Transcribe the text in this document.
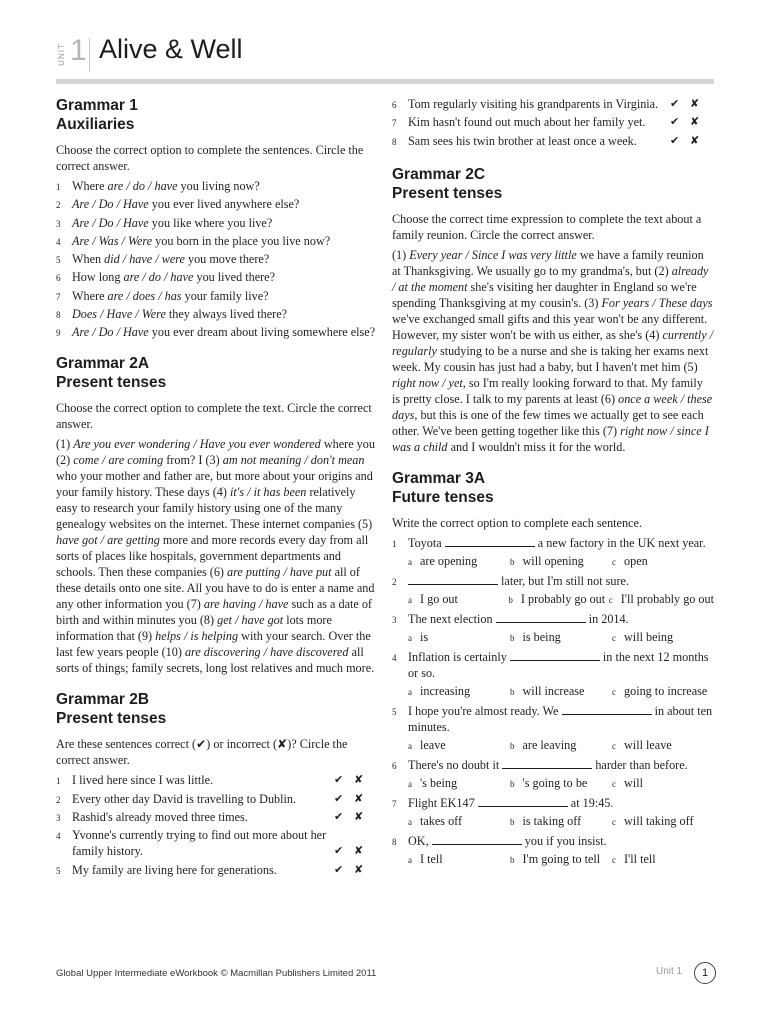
UNIT 1 Alive & Well

Grammar 1

Auxiliaries

Choose the correct option to complete the sentences. Circle the correct answer.

1 Where are / do / have you living now?
2 Are / Do / Have you ever lived anywhere else?
3 Are / Do / Have you like where you live?
4 Are / Was / Were you born in the place you live now?
5 When did / have / were you move there?
6 How long are / do / have you lived there?
7 Where are / does / has your family live?
8 Does / Have / Were they always lived there?
9 Are / Do / Have you ever dream about living somewhere else?

Grammar 2A

Present tenses

Choose the correct option to complete the text. Circle the correct answer.

(1) Are you ever wondering / Have you ever wondered where you (2) come / are coming from? I (3) am not meaning / don't mean who your mother and father are, but more about your origins and your family history. These days (4) it's / it has been relatively easy to research your family history using one of the many genealogy websites on the internet. These internet companies (5) have got / are getting more and more records every day from all sorts of places like hospitals, government departments and schools. Then these companies (6) are putting / have put all of these details onto one site. All you have to do is enter a name and any other information you (7) are having / have such as a date of birth and within minutes you (8) get / have got lots more information that (9) helps / is helping with your search. Over the last few years people (10) are discovering / have discovered all sorts of things; family secrets, long lost relatives and much more.

Grammar 2B

Present tenses

Are these sentences correct (✔) or incorrect (✘)? Circle the correct answer.

1 I lived here since I was little.	✔ ✘
2 Every other day David is travelling to Dublin.	✔ ✘
3 Rashid's already moved three times.	✔ ✘
4 Yvonne's currently trying to find out more about her family history.	✔ ✘
5 My family are living here for generations.	✔ ✘
6 Tom regularly visiting his grandparents in Virginia. ✔ ✘
7 Kim hasn't found out much about her family yet. ✔ ✘
8 Sam sees his twin brother at least once a week.	✔ ✘

Grammar 2C

Present tenses

Choose the correct time expression to complete the text about a family reunion. Circle the correct answer.

(1) Every year / Since I was very little we have a family reunion at Thanksgiving. We usually go to my grandma's, but (2) already / at the moment she's visiting her daughter in England so we're spending Thanksgiving at my cousin's. (3) For years / These days we've exchanged small gifts and this year won't be any different. However, my sister won't be with us either, as she's (4) currently / regularly studying to be a nurse and she is taking her exams next week. My cousin has just had a baby, but I haven't met him (5) right now / yet, so I'm really looking forward to that. My family is pretty close. I talk to my parents at least (6) once a week / these days, but this is one of the few times we actually get to see each other. We've been getting together like this (7) right now / since I was a child and I wouldn't miss it for the world.

Grammar 3A

Future tenses

Write the correct option to complete each sentence.

1 Toyota	a new factory in the UK next year.
a are opening	b will opening	c open
2	later, but I'm still not sure.
a I go out	b I probably go out c I'll probably go out
3 The next election	in 2014.
a is	b is being	c will being
4 Inflation is certainly	in the next 12 months or so.
a increasing	b will increase	c going to increase
5 I hope you're almost ready. We	in about ten minutes.
a leave	b are leaving	c will leave
6 There's no doubt it	harder than before.
a 's being	b 's going to be	c will
7 Flight EK147	at 19:45.
a takes off	b is taking off	c will taking off
8 OK,	you if you insist.
a I tell	b I'm going to tell	c I'll tell
Global Upper Intermediate eWorkbook © Macmillan Publishers Limited 2011	Unit 1	1
